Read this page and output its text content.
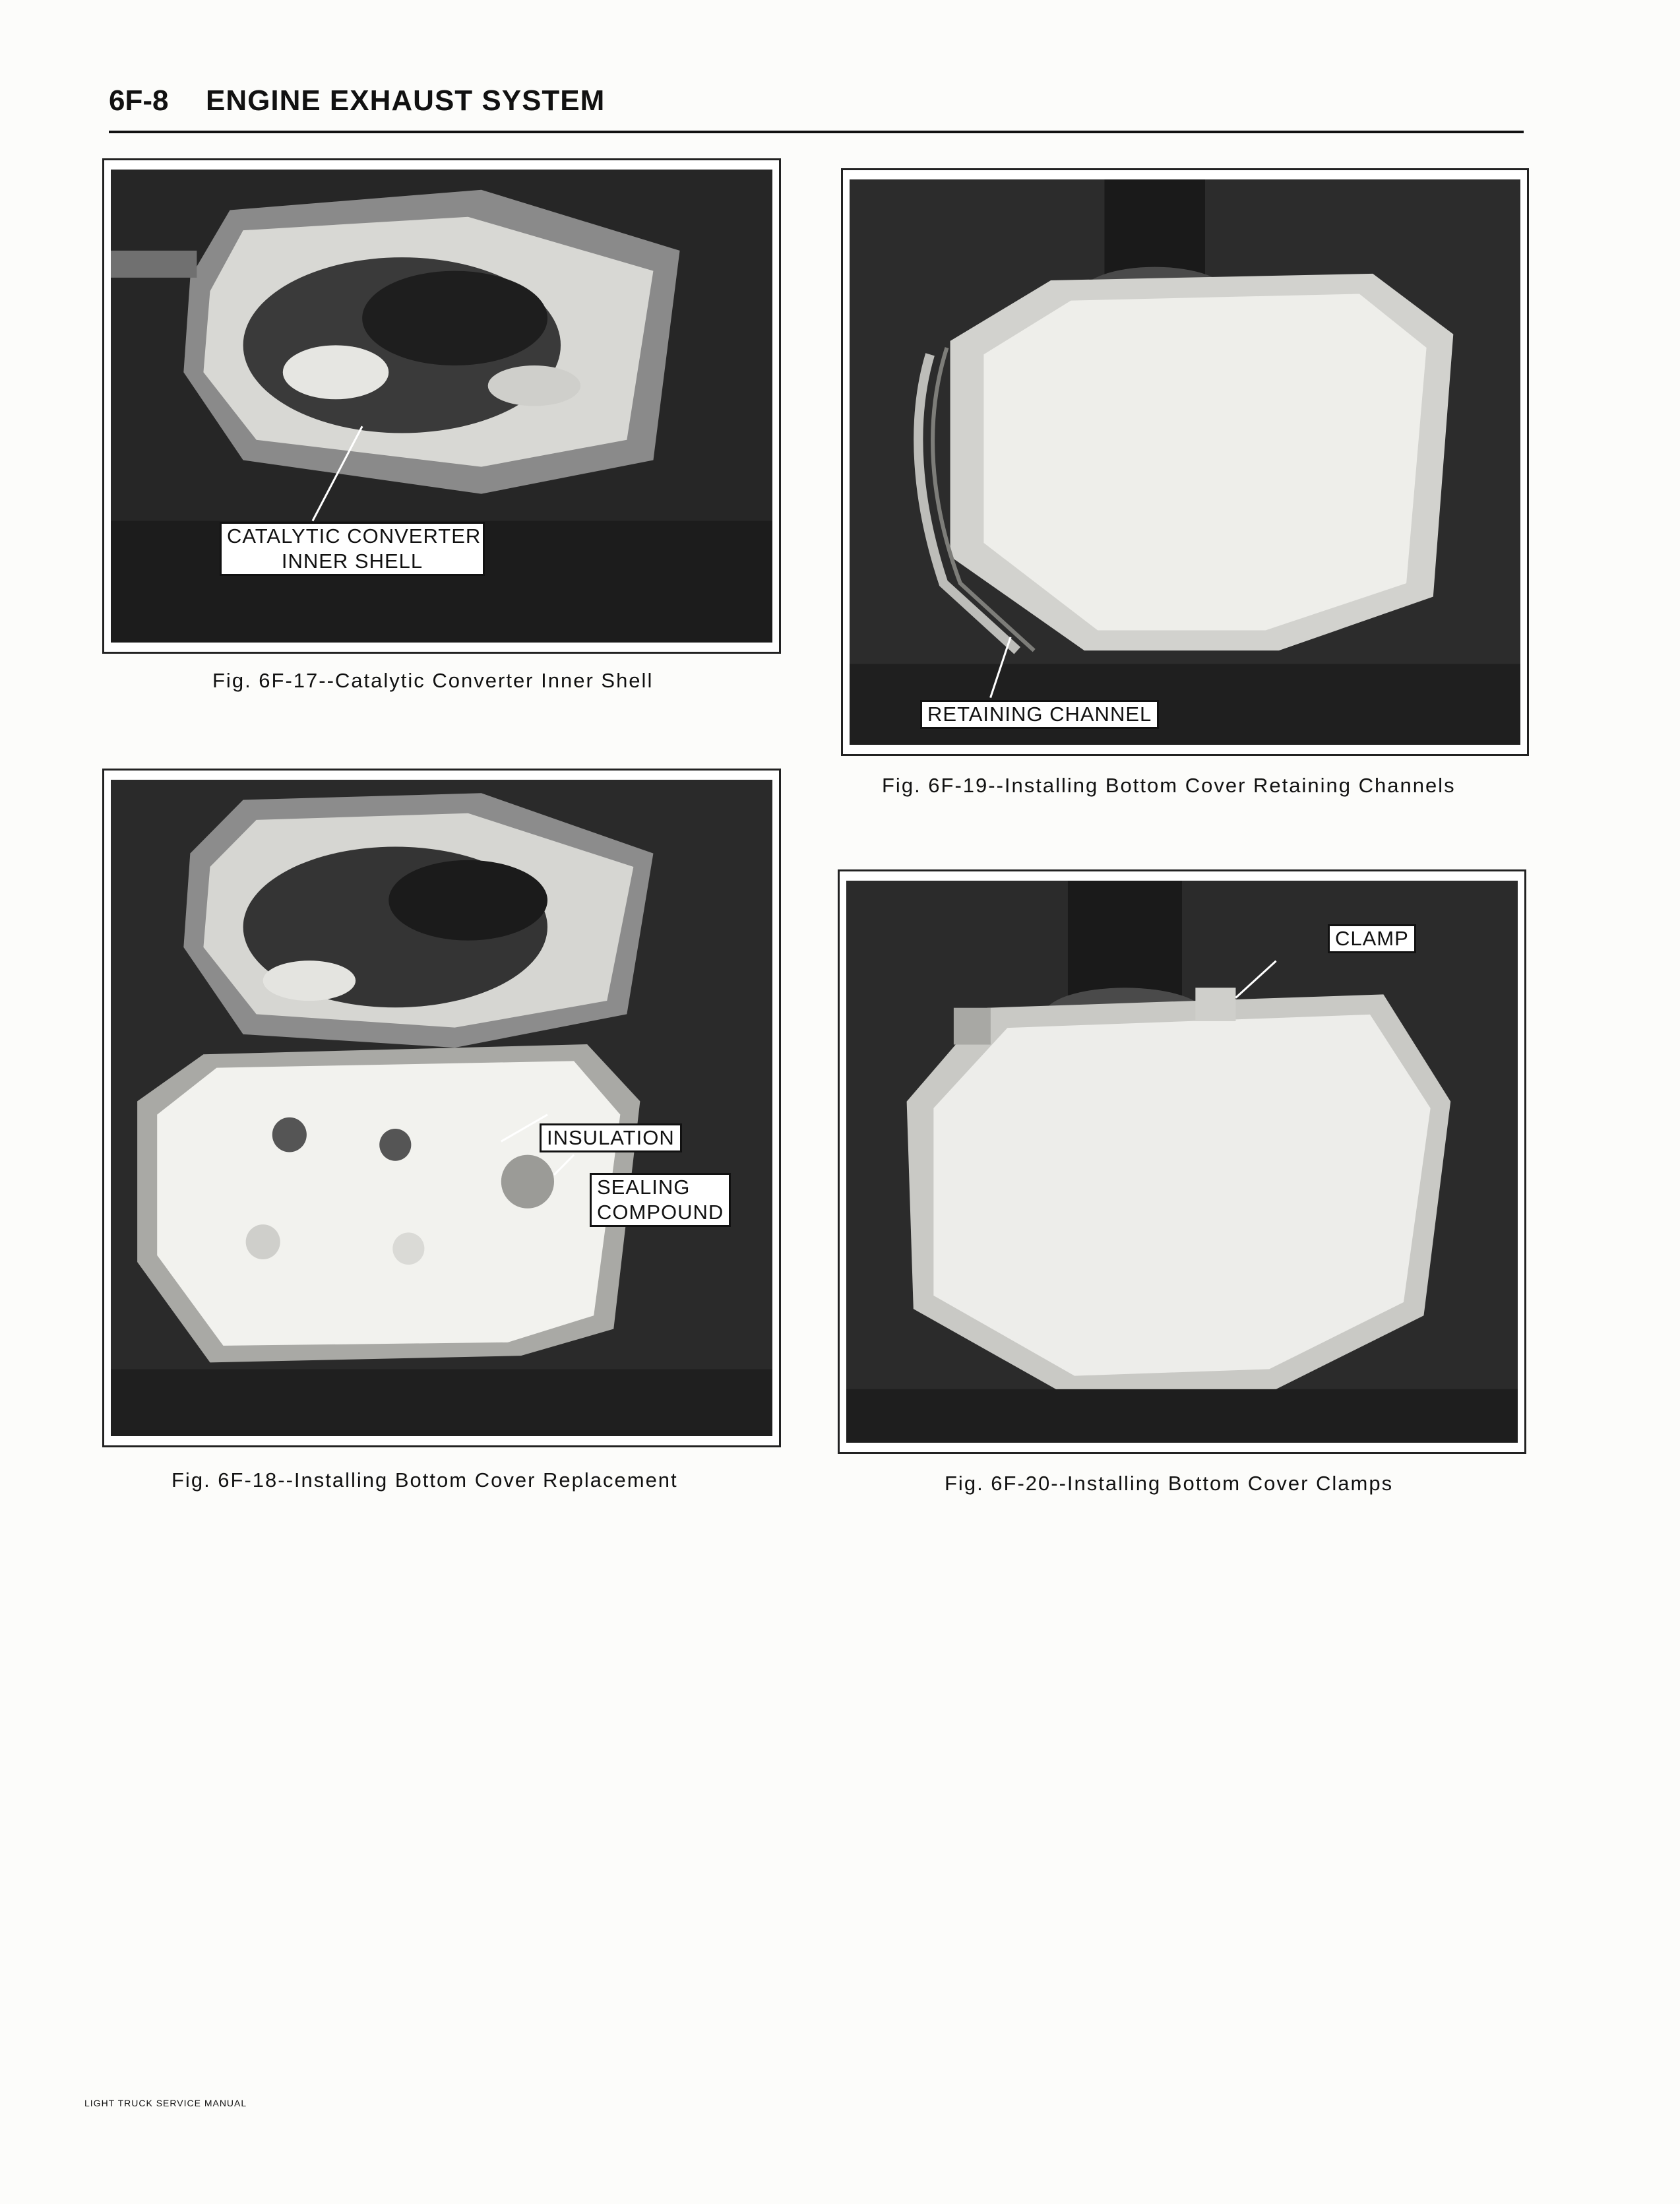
6F-8 ENGINE EXHAUST SYSTEM
CATALYTIC CONVERTER
INNER SHELL
Fig. 6F-17--Catalytic Converter Inner Shell
RETAINING CHANNEL
Fig. 6F-19--Installing Bottom Cover Retaining Channels
INSULATION
SEALING
COMPOUND
Fig. 6F-18--Installing Bottom Cover Replacement
CLAMP
Fig. 6F-20--Installing Bottom Cover Clamps
LIGHT TRUCK SERVICE MANUAL
